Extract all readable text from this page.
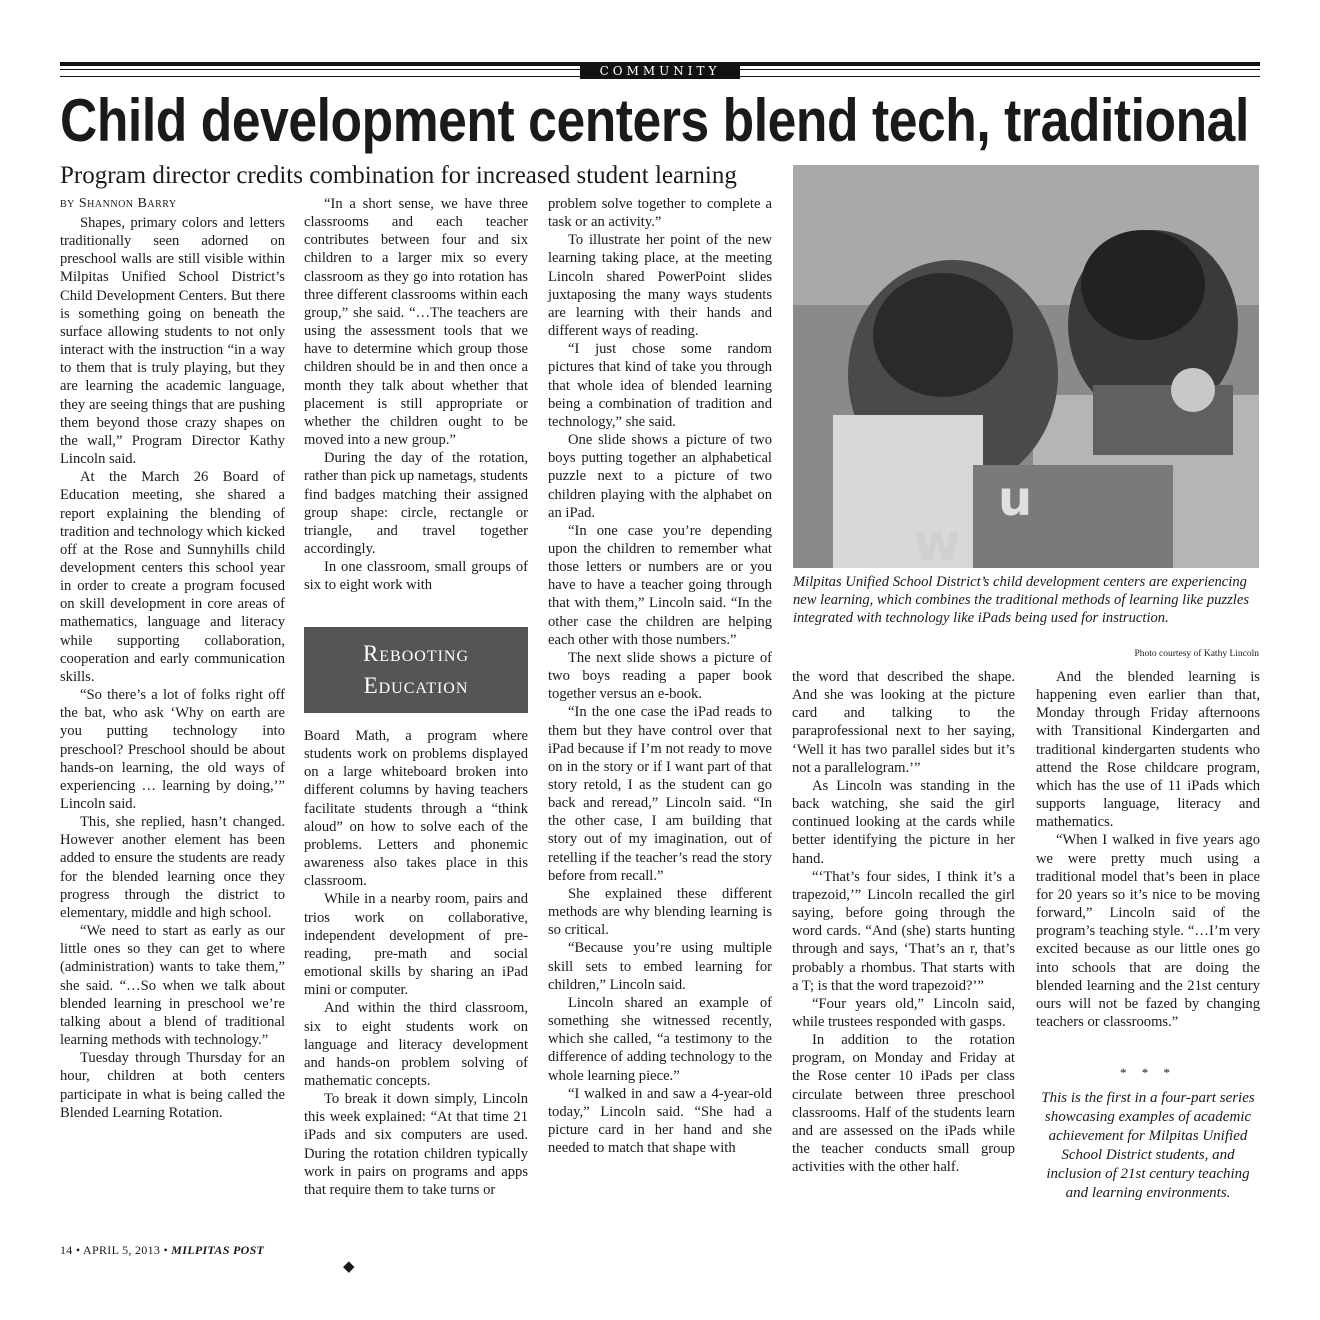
COMMUNITY
Child development centers blend tech, traditional
Program director credits combination for increased student learning
by Shannon Barry

Shapes, primary colors and letters traditionally seen adorned on preschool walls are still visible within Milpitas Unified School District’s Child Development Centers. But there is something going on beneath the surface allowing students to not only interact with the instruction “in a way to them that is truly playing, but they are learning the academic language, they are seeing things that are pushing them beyond those crazy shapes on the wall,” Program Director Kathy Lincoln said.

At the March 26 Board of Education meeting, she shared a report explaining the blending of tradition and technology which kicked off at the Rose and Sunnyhills child development centers this school year in order to create a program focused on skill development in core areas of mathematics, language and literacy while supporting collaboration, cooperation and early communication skills.

“So there’s a lot of folks right off the bat, who ask ‘Why on earth are you putting technology into preschool? Preschool should be about hands-on learning, the old ways of experiencing … learning by doing,’” Lincoln said.

This, she replied, hasn’t changed. However another element has been added to ensure the students are ready for the blended learning once they progress through the district to elementary, middle and high school.

“We need to start as early as our little ones so they can get to where (administration) wants to take them,” she said. “…So when we talk about blended learning in preschool we’re talking about a blend of traditional learning methods with technology.”

Tuesday through Thursday for an hour, children at both centers participate in what is being called the Blended Learning Rotation.

“In a short sense, we have three classrooms and each teacher contributes between four and six children to a larger mix so every classroom as they go into rotation has three different classrooms within each group,” she said. “…The teachers are using the assessment tools that we have to determine which group those children should be in and then once a month they talk about whether that placement is still appropriate or whether the children ought to be moved into a new group.”

During the day of the rotation, rather than pick up nametags, students find badges matching their assigned group shape: circle, rectangle or triangle, and travel together accordingly.

In one classroom, small groups of six to eight work with

Rebooting
Education

Board Math, a program where students work on problems displayed on a large whiteboard broken into different columns by having teachers facilitate students through a “think aloud” on how to solve each of the problems. Letters and phonemic awareness also takes place in this classroom.

While in a nearby room, pairs and trios work on collaborative, independent development of pre-reading, pre-math and social emotional skills by sharing an iPad mini or computer.

And within the third classroom, six to eight students work on language and literacy development and hands-on problem solving of mathematic concepts.

To break it down simply, Lincoln this week explained: “At that time 21 iPads and six computers are used. During the rotation children typically work in pairs on programs and apps that require them to take turns or

problem solve together to complete a task or an activity.”

To illustrate her point of the new learning taking place, at the meeting Lincoln shared PowerPoint slides juxtaposing the many ways students are learning with their hands and different ways of reading.

“I just chose some random pictures that kind of take you through that whole idea of blended learning being a combination of tradition and technology,” she said.

One slide shows a picture of two boys putting together an alphabetical puzzle next to a picture of two children playing with the alphabet on an iPad.

“In one case you’re depending upon the children to remember what those letters or numbers are or you have to have a teacher going through that with them,” Lincoln said. “In the other case the children are helping each other with those numbers.”

The next slide shows a picture of two boys reading a paper book together versus an e-book.

“In the one case the iPad reads to them but they have control over that iPad because if I’m not ready to move on in the story or if I want part of that story retold, I as the student can go back and reread,” Lincoln said. “In the other case, I am building that story out of my imagination, out of retelling if the teacher’s read the story before from recall.”

She explained these different methods are why blending learning is so critical.

“Because you’re using multiple skill sets to embed learning for children,” Lincoln said.

Lincoln shared an example of something she witnessed recently, which she called, “a testimony to the difference of adding technology to the whole learning piece.”

“I walked in and saw a 4-year-old today,” Lincoln said. “She had a picture card in her hand and she needed to match that shape with

u
w
Milpitas Unified School District’s child development centers are experiencing new learning, which combines the traditional methods of learning like puzzles integrated with technology like iPads being used for instruction.
Photo courtesy of Kathy Lincoln

the word that described the shape. And she was looking at the picture card and talking to the paraprofessional next to her saying, ‘Well it has two parallel sides but it’s not a parallelogram.’”

As Lincoln was standing in the back watching, she said the girl continued looking at the cards while better identifying the picture in her hand.

“‘That’s four sides, I think it’s a trapezoid,’” Lincoln recalled the girl saying, before going through the word cards. “And (she) starts hunting through and says, ‘That’s an r, that’s probably a rhombus. That starts with a T; is that the word trapezoid?’”

“Four years old,” Lincoln said, while trustees responded with gasps.

In addition to the rotation program, on Monday and Friday at the Rose center 10 iPads per class circulate between three preschool classrooms. Half of the students learn and are assessed on the iPads while the teacher conducts small group activities with the other half.

And the blended learning is happening even earlier than that, Monday through Friday afternoons with Transitional Kindergarten and traditional kindergarten students who attend the Rose childcare program, which has the use of 11 iPads which supports language, literacy and mathematics.

“When I walked in five years ago we were pretty much using a traditional model that’s been in place for 20 years so it’s nice to be moving forward,” Lincoln said of the program’s teaching style. “…I’m very excited because as our little ones go into schools that are doing the blended learning and the 21st century ours will not be fazed by changing teachers or classrooms.”

* * *
This is the first in a four-part series showcasing examples of academic achievement for Milpitas Unified School District students, and inclusion of 21st century teaching and learning environments.
14 • APRIL 5, 2013 • MILPITAS POST
◆
